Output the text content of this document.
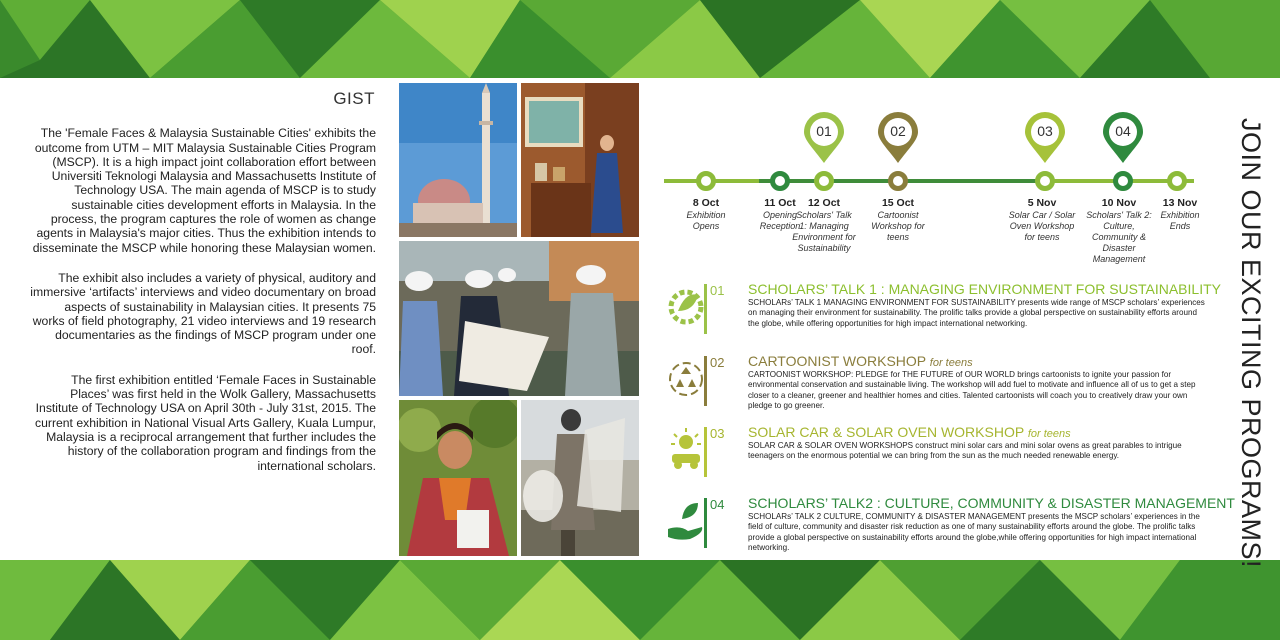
GIST

The 'Female Faces & Malaysia Sustainable Cities' exhibits the outcome from UTM – MIT Malaysia Sustainable Cities Program (MSCP). It is a high impact joint collaboration effort between Universiti Teknologi Malaysia and Massachusetts Institute of Technology USA. The main agenda of MSCP is to study sustainable cities development efforts in Malaysia. In the process, the program captures the role of women as change agents in Malaysia's major cities. Thus the exhibition intends to disseminate the MSCP while honoring these Malaysian women.

The exhibit also includes a variety of physical, auditory and immersive ‘artifacts’ interviews and video documentary on broad aspects of sustainability in Malaysian cities. It presents 75 works of field photography, 21 video interviews and 19 research documentaries as the findings of MSCP program under one roof.

The first exhibition entitled ‘Female Faces in Sustainable Places’ was first held in the Wolk Gallery, Massachusetts Institute of Technology USA on April 30th - July 31st, 2015. The current exhibition in National Visual Arts Gallery, Kuala Lumpur, Malaysia is a reciprocal arrangement that further includes the history of the collaboration program and findings from the international scholars.

01	02	03	04
8 Oct
Exhibition Opens
11 Oct
Opening Reception
12 Oct
Scholars' Talk 1: Managing Environment for Sustainability
15 Oct
Cartoonist Workshop for teens
5 Nov
Solar Car / Solar Oven Workshop for teens
10 Nov
Scholars' Talk 2: Culture, Community & Disaster Management
13 Nov
Exhibition Ends
01 SCHOLARS’ TALK 1 : MANAGING ENVIRONMENT FOR SUSTAINABILITY
SCHOLARs’ TALK 1 MANAGING ENVIRONMENT FOR SUSTAINABILITY presents wide range of MSCP scholars’ experiences on managing their environment for sustainability. The prolific talks provide a global perspective on sustainability efforts around the globe, while offering opportunities for high impact international networking.
02 CARTOONIST WORKSHOP for teens
CARTOONIST WORKSHOP: PLEDGE for THE FUTURE of OUR WORLD brings cartoonists to ignite your passion for environmental conservation and sustainable living. The workshop will add fuel to motivate and influence all of us to get a step closer to a cleaner, greener and healthier homes and cities. Talented cartoonists will coach you to creatively draw your own pledge to go greener.
03 SOLAR CAR & SOLAR OVEN WORKSHOP for teens
SOLAR CAR & SOLAR OVEN WORKSHOPS construct mini solar cars and mini solar ovens as great parables to intrigue teenagers on the enormous potential we can bring from the sun as the much needed renewable energy.
04 SCHOLARS’ TALK2 : CULTURE, COMMUNITY & DISASTER MANAGEMENT
SCHOLARs’ TALK 2 CULTURE, COMMUNITY & DISASTER MANAGEMENT presents the MSCP scholars’ experiences in the field of culture, community and disaster risk reduction as one of many sustainability efforts around the globe. The prolific talks provide a global perspective on sustainability efforts around the globe,while offering opportunities for high impact international networking.	JOIN OUR EXCITING PROGRAMS!
